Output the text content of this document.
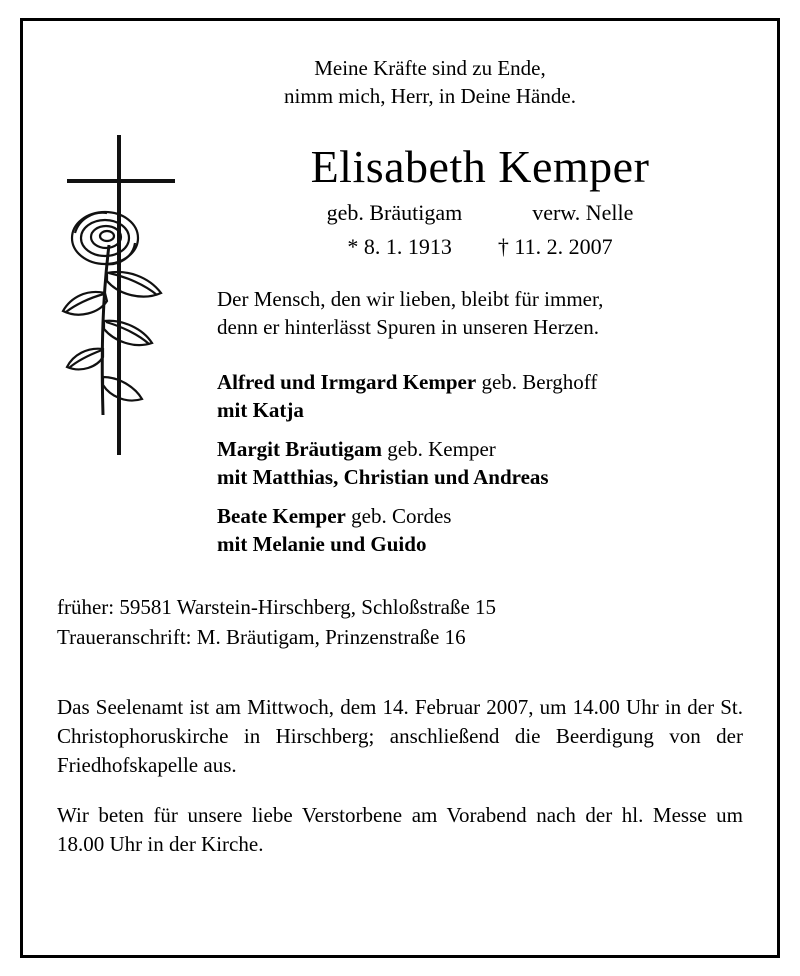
Meine Kräfte sind zu Ende,
nimm mich, Herr, in Deine Hände.
Elisabeth Kemper
geb. Bräutigam	verw. Nelle
* 8. 1. 1913 † 11. 2. 2007
Der Mensch, den wir lieben, bleibt für immer,
denn er hinterlässt Spuren in unseren Herzen.
Alfred und Irmgard Kemper geb. Berghoff
mit Katja
Margit Bräutigam geb. Kemper
mit Matthias, Christian und Andreas
Beate Kemper geb. Cordes
mit Melanie und Guido
früher: 59581 Warstein-Hirschberg, Schloßstraße 15
Traueranschrift: M. Bräutigam, Prinzenstraße 16

Das Seelenamt ist am Mittwoch, dem 14. Februar 2007, um 14.00 Uhr in der St. Christophoruskirche in Hirschberg; anschließend die Beerdigung von der Friedhofskapelle aus.

Wir beten für unsere liebe Verstorbene am Vorabend nach der hl. Messe um 18.00 Uhr in der Kirche.
